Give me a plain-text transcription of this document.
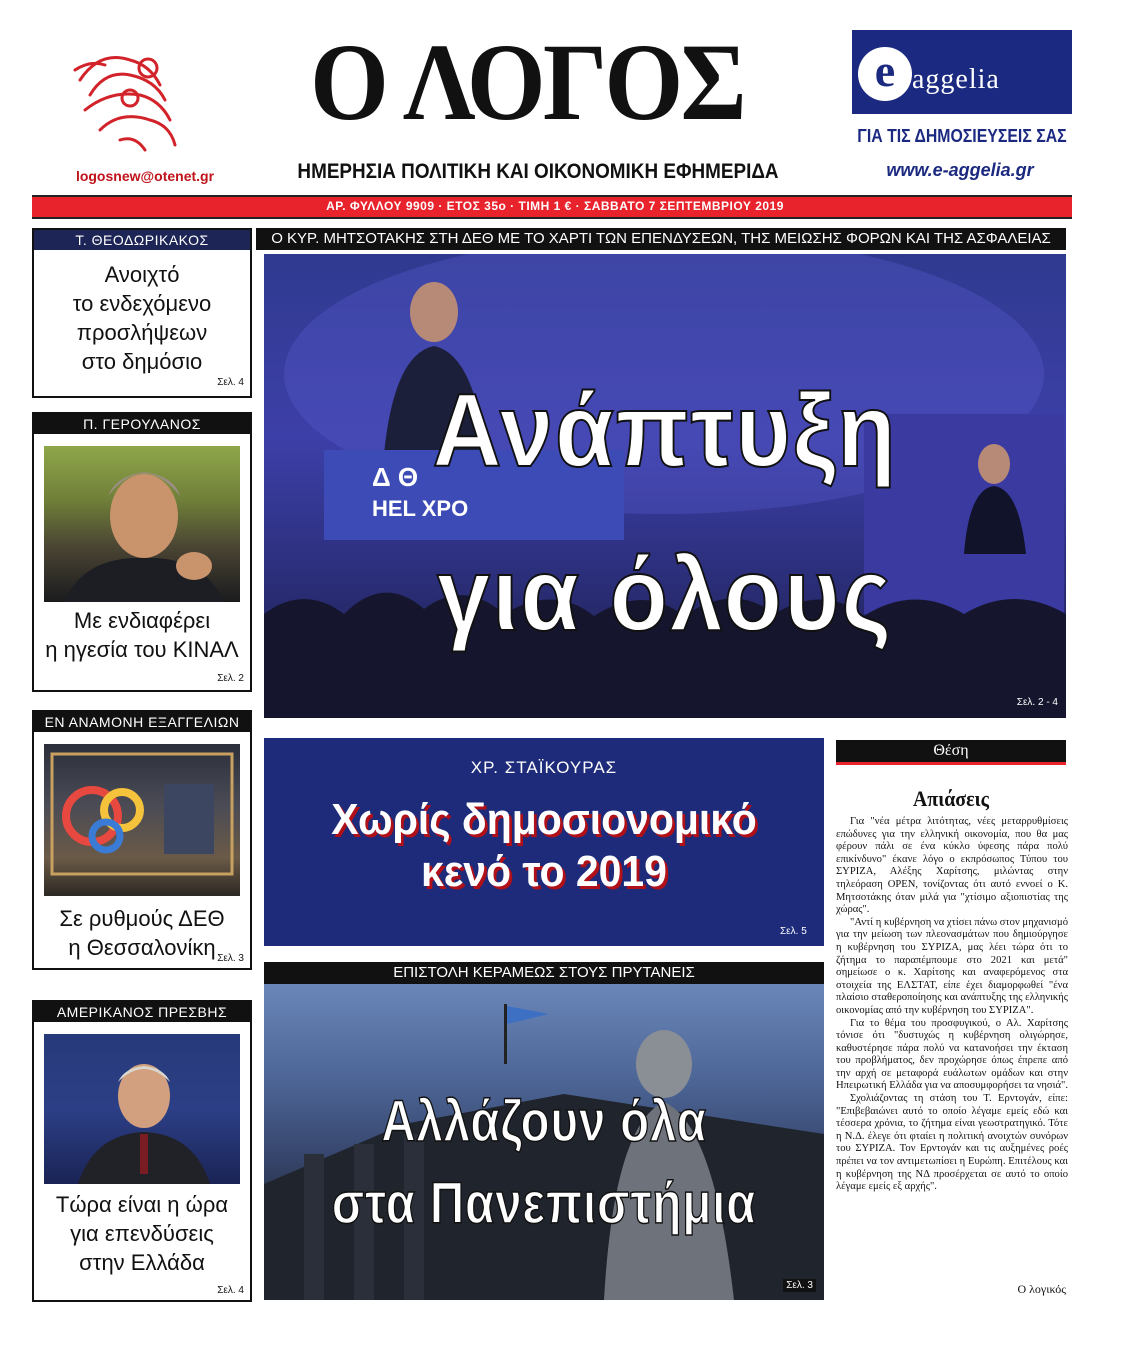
logosnew@otenet.gr
Ο ΛΟΓΟΣ
ΗΜΕΡΗΣΙΑ ΠΟΛΙΤΙΚΗ ΚΑΙ ΟΙΚΟΝΟΜΙΚΗ ΕΦΗΜΕΡΙΔΑ
e aggelia
ΓΙΑ ΤΙΣ ΔΗΜΟΣΙΕΥΣΕΙΣ ΣΑΣ
www.e-aggelia.gr
ΑΡ. ΦΥΛΛΟΥ 9909 · ΕΤΟΣ 35ο · ΤΙΜΗ 1 € · ΣΑΒΒΑΤΟ 7 ΣΕΠΤΕΜΒΡΙΟΥ 2019
Τ. ΘΕΟΔΩΡΙΚΑΚΟΣ
Ανοιχτό
το ενδεχόμενο
προσλήψεων
στο δημόσιο
Σελ. 4
Π. ΓΕΡΟΥΛΑΝΟΣ
Με ενδιαφέρει
η ηγεσία του ΚΙΝΑΛ
Σελ. 2
ΕΝ ΑΝΑΜΟΝΗ ΕΞΑΓΓΕΛΙΩΝ
Σε ρυθμούς ΔΕΘ
η Θεσσαλονίκη Σελ. 3
ΑΜΕΡΙΚΑΝΟΣ ΠΡΕΣΒΗΣ
Τώρα είναι η ώρα
για επενδύσεις
στην Ελλάδα
Σελ. 4
Ο ΚΥΡ. ΜΗΤΣΟΤΑΚΗΣ ΣΤΗ ΔΕΘ ΜΕ ΤΟ ΧΑΡΤΙ ΤΩΝ ΕΠΕΝΔΥΣΕΩΝ, ΤΗΣ ΜΕΙΩΣΗΣ ΦΟΡΩΝ ΚΑΙ ΤΗΣ ΑΣΦΑΛΕΙΑΣ
Δ Θ
HEL XPO
Ανάπτυξη
για όλους
Σελ. 2 - 4
ΧΡ. ΣΤΑΪΚΟΥΡΑΣ
Χωρίς δημοσιονομικό
κενό το 2019
Σελ. 5
ΕΠΙΣΤΟΛΗ ΚΕΡΑΜΕΩΣ ΣΤΟΥΣ ΠΡΥΤΑΝΕΙΣ
Αλλάζουν όλα
στα Πανεπιστήμια
Σελ. 3
Θέση
Απιάσεις

Για "νέα μέτρα λιτότητας, νέες μεταρρυθμίσεις επώδυνες για την ελληνική οικονομία, που θα μας φέρουν πάλι σε ένα κύκλο ύφεσης πάρα πολύ επικίνδυνο" έκανε λόγο ο εκπρόσωπος Τύπου του ΣΥΡΙΖΑ, Αλέξης Χαρίτσης, μιλώντας στην τηλεόραση OPEN, τονίζοντας ότι αυτό εννοεί ο Κ. Μητσοτάκης όταν μιλά για "χτίσιμο αξιοπιστίας της χώρας".

"Αντί η κυβέρνηση να χτίσει πάνω στον μηχανισμό για την μείωση των πλεονασμάτων που δημιούργησε η κυβέρνηση του ΣΥΡΙΖΑ, μας λέει τώρα ότι το ζήτημα το παραπέμπουμε στο 2021 και μετά" σημείωσε ο κ. Χαρίτσης και αναφερόμενος στα στοιχεία της ΕΛΣΤΑΤ, είπε έχει διαμορφωθεί "ένα πλαίσιο σταθεροποίησης και ανάπτυξης της ελληνικής οικονομίας από την κυβέρνηση του ΣΥΡΙΖΑ".

Για το θέμα του προσφυγικού, ο Αλ. Χαρίτσης τόνισε ότι "δυστυχώς η κυβέρνηση ολιγώρησε, καθυστέρησε πάρα πολύ να κατανοήσει την έκταση του προβλήματος, δεν προχώρησε όπως έπρεπε από την αρχή σε μεταφορά ευάλωτων ομάδων και στην Ηπειρωτική Ελλάδα για να αποσυμφορήσει τα νησιά".

Σχολιάζοντας τη στάση του Τ. Ερντογάν, είπε: "Επιβεβαιώνει αυτό το οποίο λέγαμε εμείς εδώ και τέσσερα χρόνια, το ζήτημα είναι γεωστρατηγικό. Τότε η Ν.Δ. έλεγε ότι φταίει η πολιτική ανοιχτών συνόρων του ΣΥΡΙΖΑ. Τον Ερντογάν και τις αυξημένες ροές πρέπει να τον αντιμετωπίσει η Ευρώπη. Επιτέλους και η κυβέρνηση της ΝΔ προσέρχεται σε αυτό το οποίο λέγαμε εμείς εξ αρχής".

Ο λογικός
